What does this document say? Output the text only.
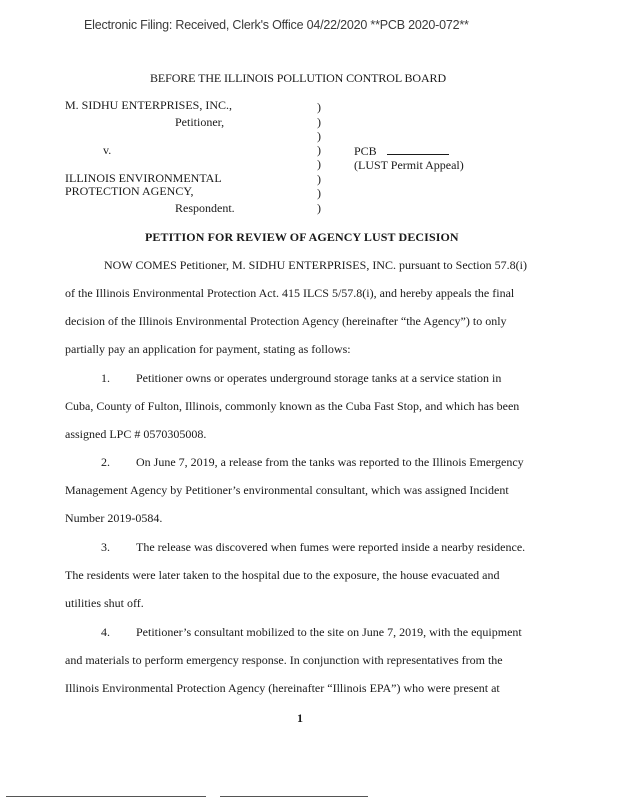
Electronic Filing: Received, Clerk's Office 04/22/2020 **PCB 2020-072**
BEFORE THE ILLINOIS POLLUTION CONTROL BOARD
M. SIDHU ENTERPRISES, INC.,
Petitioner,
v.
ILLINOIS ENVIRONMENTAL
PROTECTION AGENCY,
Respondent.
)
)
)
)
)
)
)
)
PCB
(LUST Permit Appeal)
PETITION FOR REVIEW OF AGENCY LUST DECISION
NOW COMES Petitioner, M. SIDHU ENTERPRISES, INC. pursuant to Section 57.8(i)
of the Illinois Environmental Protection Act. 415 ILCS 5/57.8(i), and hereby appeals the final
decision of the Illinois Environmental Protection Agency (hereinafter “the Agency”) to only
partially pay an application for payment, stating as follows:
1. Petitioner owns or operates underground storage tanks at a service station in
Cuba, County of Fulton, Illinois, commonly known as the Cuba Fast Stop, and which has been
assigned LPC # 0570305008.
2. On June 7, 2019, a release from the tanks was reported to the Illinois Emergency
Management Agency by Petitioner’s environmental consultant, which was assigned Incident
Number 2019-0584.
3. The release was discovered when fumes were reported inside a nearby residence.
The residents were later taken to the hospital due to the exposure, the house evacuated and
utilities shut off.
4. Petitioner’s consultant mobilized to the site on June 7, 2019, with the equipment
and materials to perform emergency response. In conjunction with representatives from the
Illinois Environmental Protection Agency (hereinafter “Illinois EPA”) who were present at
1
